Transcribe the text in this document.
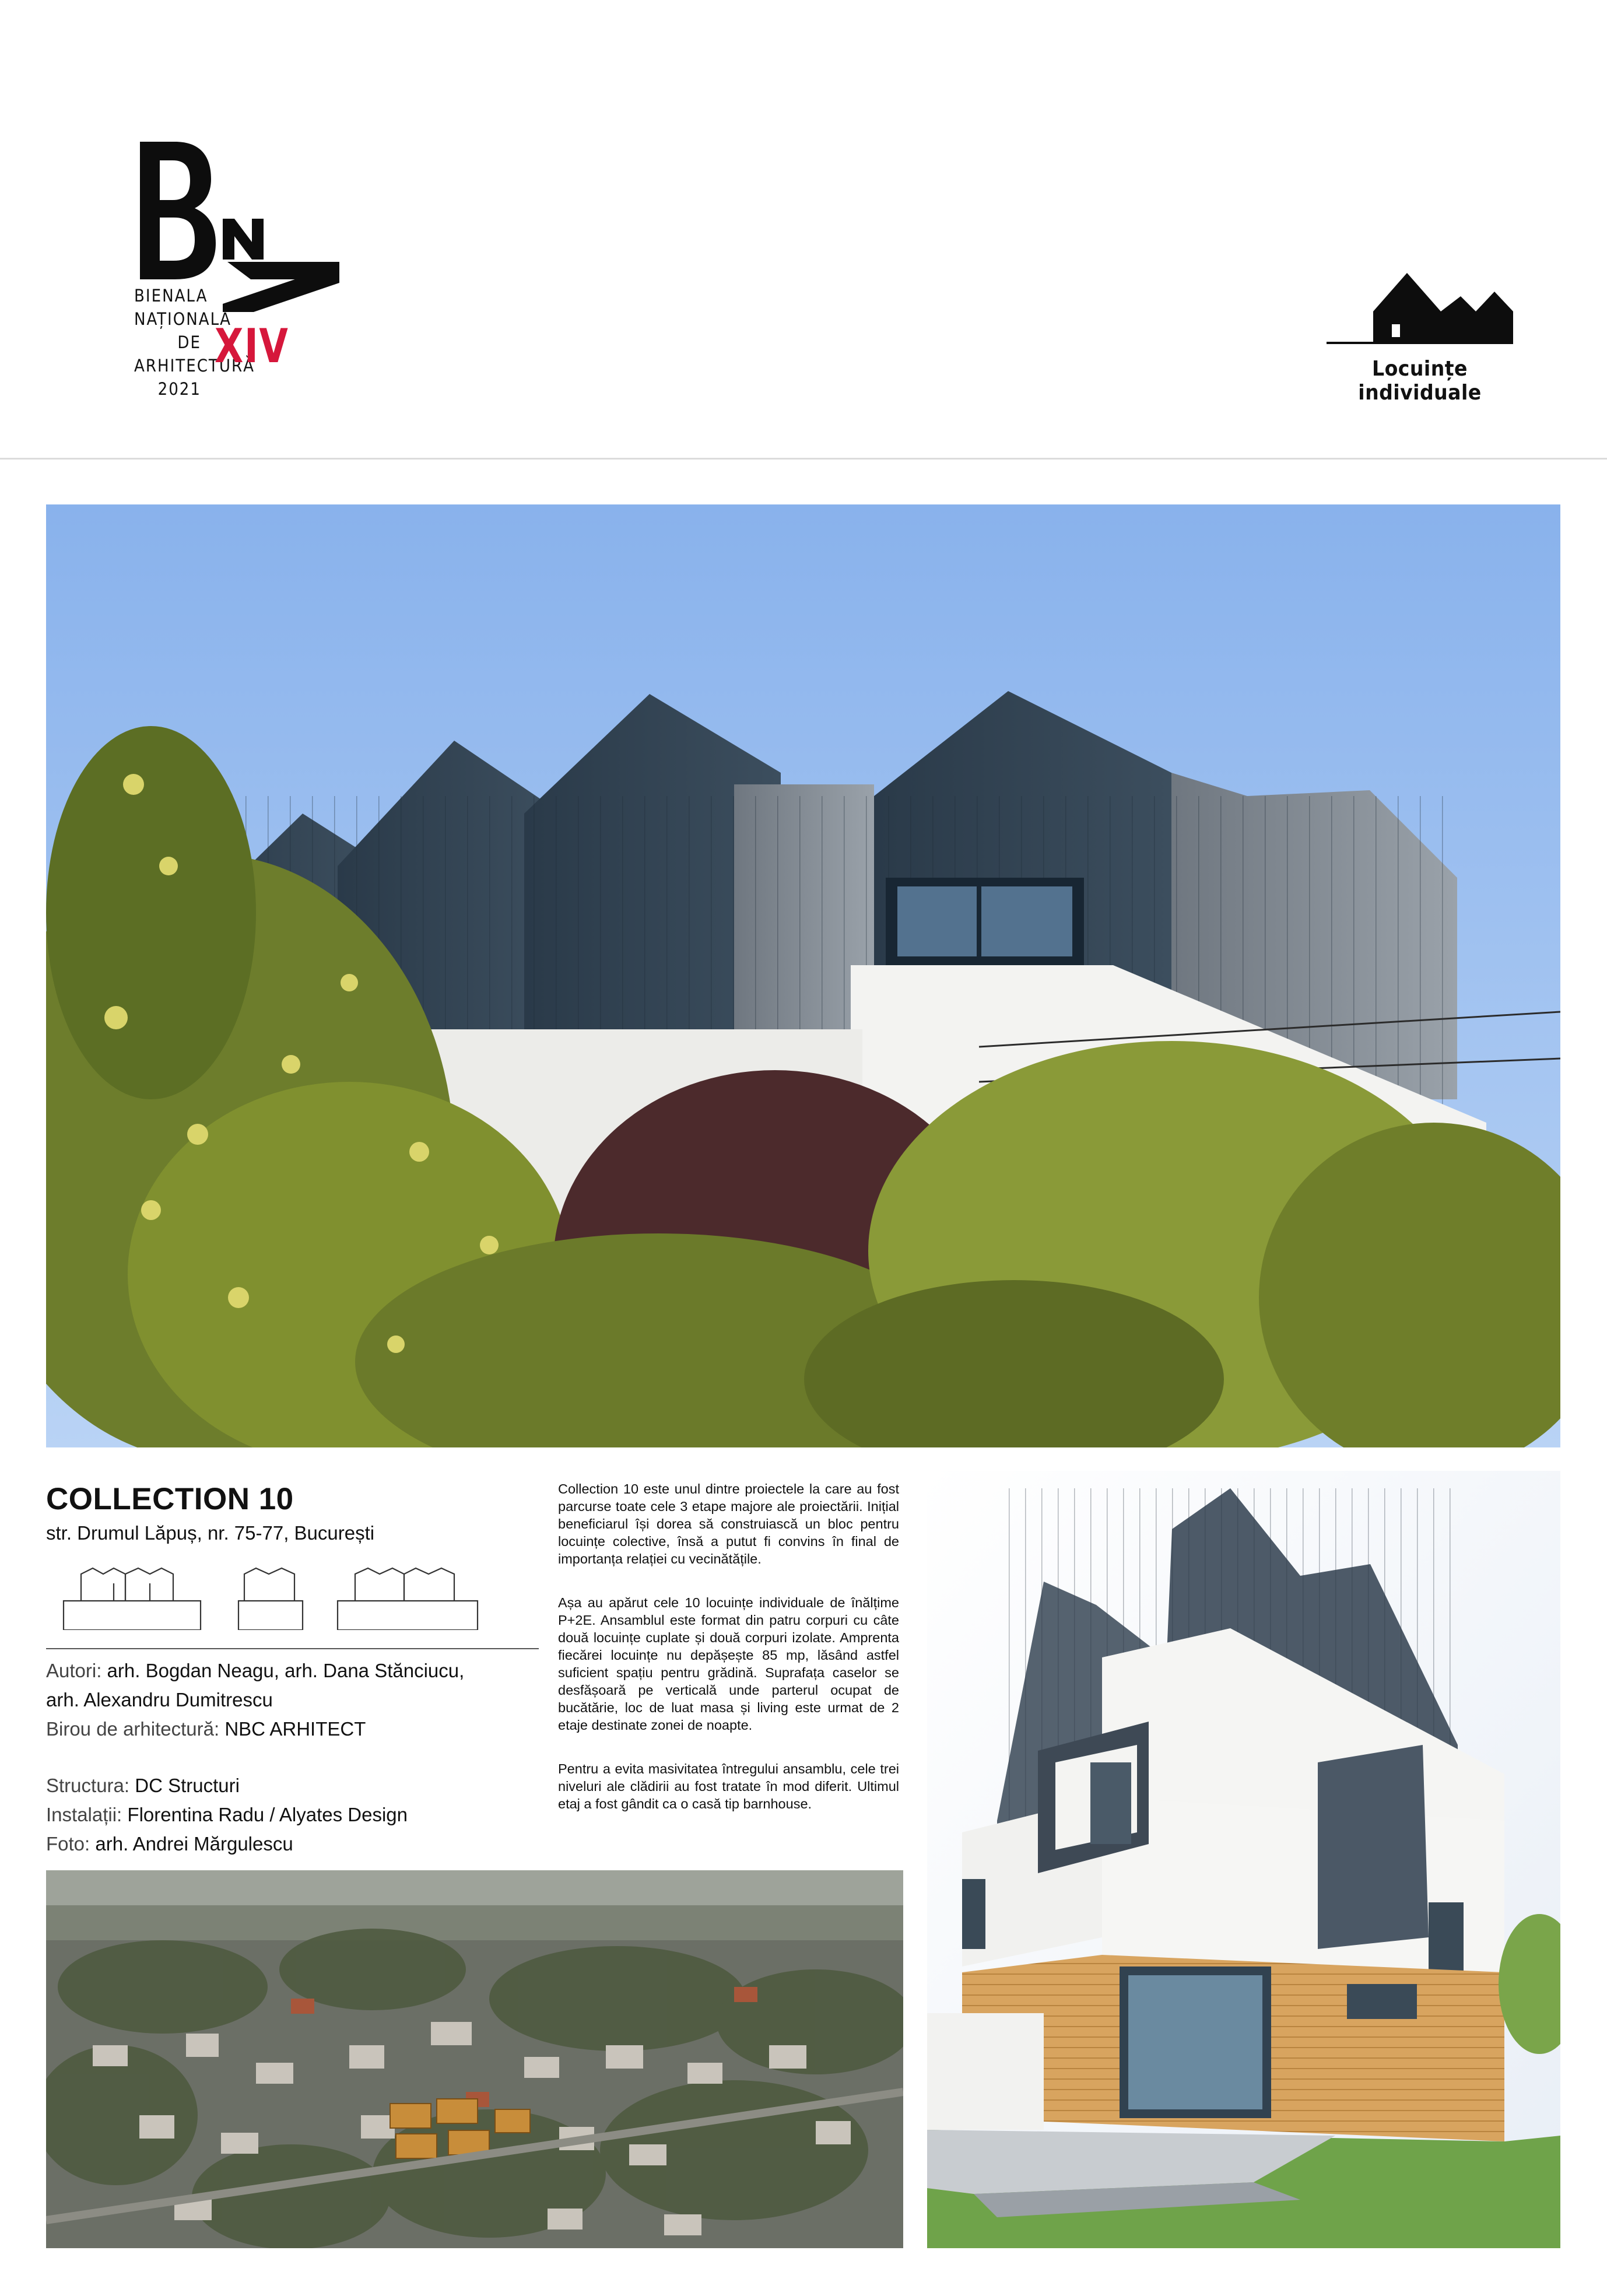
BIENALA
NAȚIONALĂ
DE
ARHITECTURĂ
2021
XIV	Locuințe individuale
COLLECTION 10
str. Drumul Lăpuș, nr. 75-77, București
Autori: arh. Bogdan Neagu, arh. Dana Stănciucu,
arh. Alexandru Dumitrescu
Birou de arhitectură: NBC ARHITECT
Structura: DC Structuri
Instalații: Florentina Radu / Alyates Design
Foto: arh. Andrei Mărgulescu

Collection 10 este unul dintre proiectele la care au fost parcurse toate cele 3 etape majore ale proiectării. Inițial beneficiarul își dorea să construiască un bloc pentru locuințe colective, însă a putut fi convins în final de importanța relației cu vecinătățile.

Așa au apărut cele 10 locuințe individuale de înălțime P+2E. Ansamblul este format din patru corpuri cu câte două locuințe cuplate și două corpuri izolate. Amprenta fiecărei locuințe nu depășește 85 mp, lăsând astfel suficient spațiu pentru grădină. Suprafața caselor se desfășoară pe verticală unde parterul ocupat de bucătărie, loc de luat masa și living este urmat de 2 etaje destinate zonei de noapte.

Pentru a evita masivitatea întregului ansamblu, cele trei niveluri ale clădirii au fost tratate în mod diferit. Ultimul etaj a fost gândit ca o casă tip barnhouse.
